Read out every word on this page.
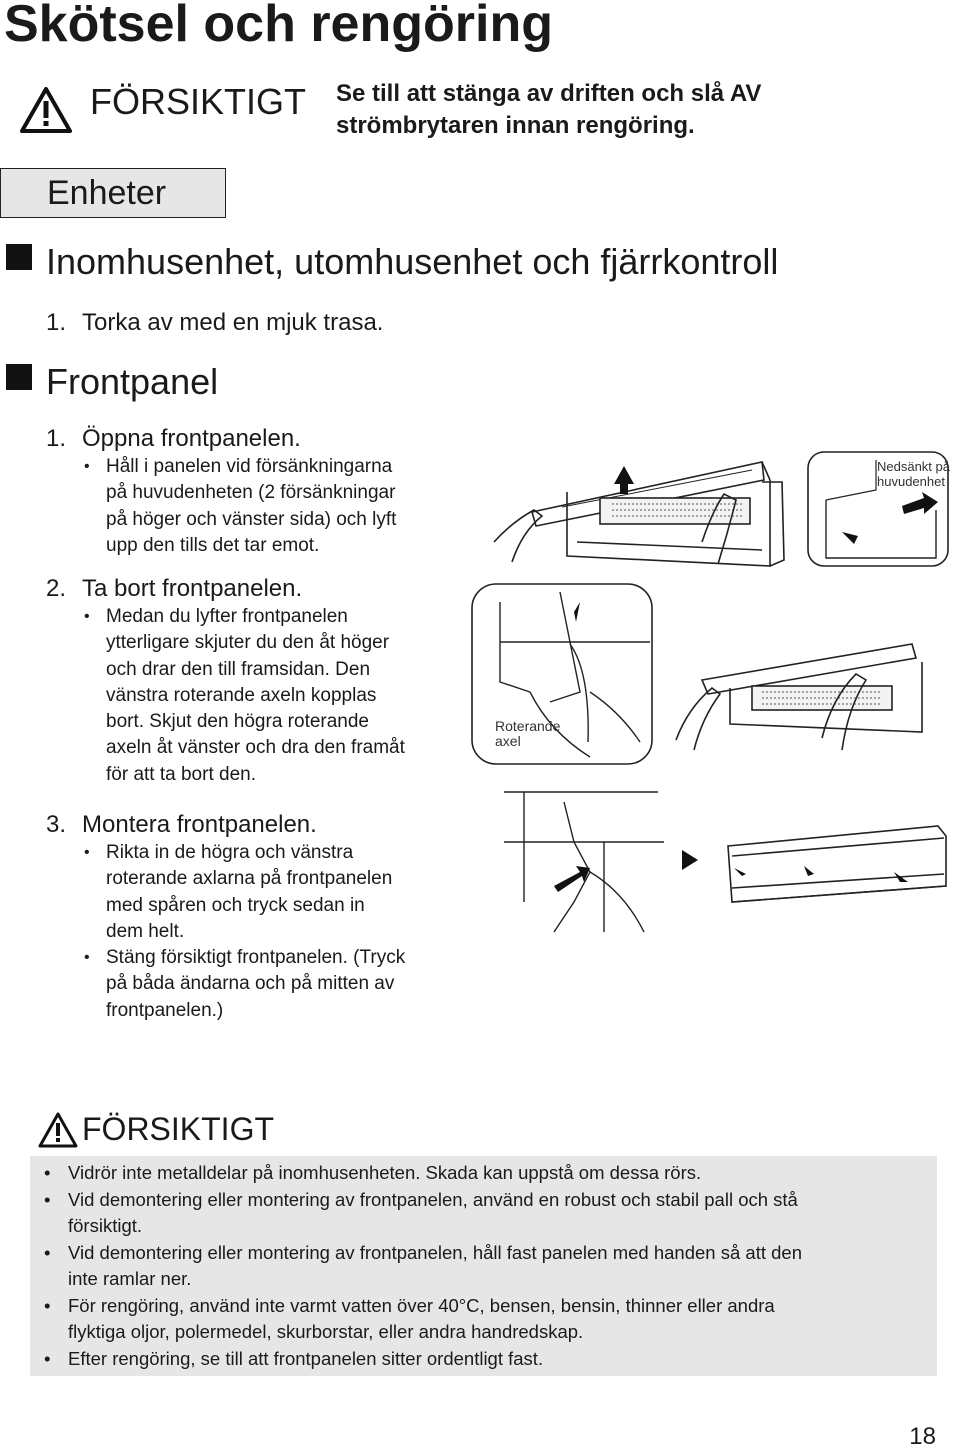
Skötsel och rengöring
FÖRSIKTIGT Se till att stänga av driften och slå AV
strömbrytaren innan rengöring.
Enheter
Inomhusenhet, utomhusenhet och fjärrkontroll
1. Torka av med en mjuk trasa.
Frontpanel
1. Öppna frontpanelen.
• Håll i panelen vid försänkningarna
på huvudenheten (2 försänkningar
på höger och vänster sida) och lyft
upp den tills det tar emot.
2. Ta bort frontpanelen.
• Medan du lyfter frontpanelen
ytterligare skjuter du den åt höger
och drar den till framsidan. Den
vänstra roterande axeln kopplas
bort. Skjut den högra roterande
axeln åt vänster och dra den framåt
för att ta bort den.
3. Montera frontpanelen.
• Rikta in de högra och vänstra
roterande axlarna på frontpanelen
med spåren och tryck sedan in
dem helt.
• Stäng försiktigt frontpanelen. (Tryck
på båda ändarna och på mitten av
frontpanelen.)
Nedsänkt på
huvudenhet
Roterande
axel
FÖRSIKTIGT
• Vidrör inte metalldelar på inomhusenheten. Skada kan uppstå om dessa rörs.
• Vid demontering eller montering av frontpanelen, använd en robust och stabil pall och stå
försiktigt.
• Vid demontering eller montering av frontpanelen, håll fast panelen med handen så att den
inte ramlar ner.
• För rengöring, använd inte varmt vatten över 40°C, bensen, bensin, thinner eller andra
flyktiga oljor, polermedel, skurborstar, eller andra handredskap.
• Efter rengöring, se till att frontpanelen sitter ordentligt fast.
18
